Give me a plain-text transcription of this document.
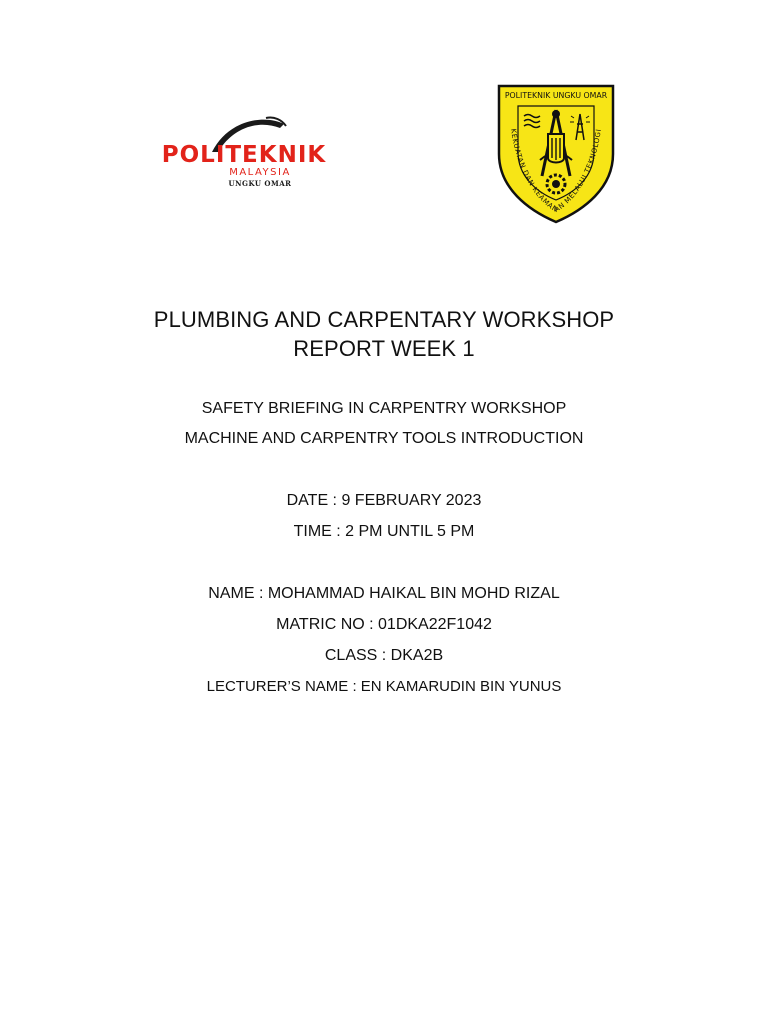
POLITEKNIK
MALAYSIA
UNGKU OMAR
POLITEKNIK UNGKU OMAR
KEKUATAN DAN KEAMANAN MELALUI TEKNOLOGI
PLUMBING AND CARPENTARY WORKSHOP
REPORT WEEK 1
SAFETY BRIEFING IN CARPENTRY WORKSHOP
MACHINE AND CARPENTRY TOOLS INTRODUCTION
DATE : 9 FEBRUARY 2023
TIME : 2 PM UNTIL 5 PM
NAME : MOHAMMAD HAIKAL BIN MOHD RIZAL
MATRIC NO : 01DKA22F1042
CLASS : DKA2B
LECTURER’S NAME : EN KAMARUDIN BIN YUNUS
